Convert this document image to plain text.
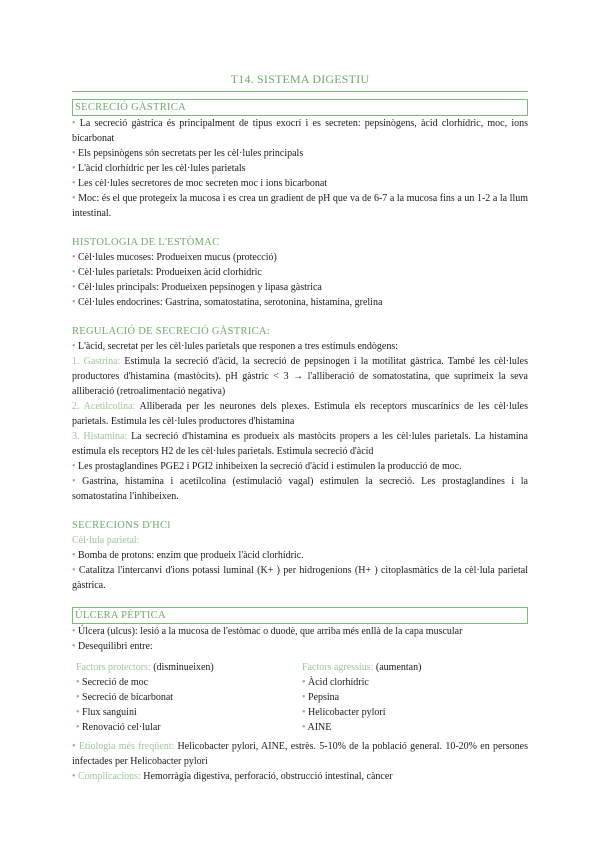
T14. SISTEMA DIGESTIU
SECRECIÓ GÀSTRICA
• La secreció gàstrica és principalment de tipus exocrí i es secreten: pepsinògens, àcid clorhídric, moc, ions bicarbonat
• Els pepsinògens són secretats per les cèl·lules principals
• L'àcid clorhídric per les cèl·lules parietals
• Les cèl·lules secretores de moc secreten moc i ions bicarbonat
• Moc: és el que protegeix la mucosa i es crea un gradient de pH que va de 6-7 a la mucosa fins a un 1-2 a la llum intestinal.
HISTOLOGIA DE L'ESTÒMAC
• Cèl·lules mucoses: Produeixen mucus (protecció)
• Cèl·lules parietals: Produeixen àcid clorhídric
• Cèl·lules principals: Produeixen pepsinogen y lipasa gàstrica
• Cèl·lules endocrines: Gastrina, somatostatina, serotonina, histamina, grelina
REGULACIÓ DE SECRECIÓ GÀSTRICA:
• L'àcid, secretat per les cèl·lules parietals que responen a tres estímuls endògens:
1. Gastrina: Estimula la secreció d'àcid, la secreció de pepsinogen i la motilitat gàstrica. També les cèl·lules productores d'histamina (mastòcits). pH gàstric < 3 → l'alliberació de somatostatina, que suprimeix la seva alliberació (retroalimentació negativa)
2. Acetilcolina: Alliberada per les neurones dels plexes. Estimula els receptors muscarínics de les cèl·lules parietals. Estimula les cèl·lules productores d'histamina
3. Histamina: La secreció d'histamina es produeix als mastòcits propers a les cèl·lules parietals. La histamina estimula els receptors H2 de les cèl·lules parietals. Estimula secreció d'àcid
• Les prostaglandines PGE2 i PGI2 inhibeixen la secreció d'àcid i estimulen la producció de moc.
• Gastrina, histamina i acetilcolina (estimulació vagal) estimulen la secreció. Les prostaglandines i la somatostatina l'inhibeixen.
SECRECIONS D'HCl
Cèl·lula parietal:
• Bomba de protons: enzim que produeix l'àcid clorhídric.
• Catalitza l'intercanvi d'ions potassi luminal (K+ ) per hidrogenions (H+ ) citoplasmàtics de la cèl·lula parietal gàstrica.
ÚLCERA PÈPTICA
• Úlcera (ulcus): lesió a la mucosa de l'estòmac o duodè, que arriba més enllà de la capa muscular
• Desequilibri entre:
Factors protectors: (disminueixen)
• Secreció de moc
• Secreció de bicarbonat
• Flux sanguini
• Renovació cel·lular
Factors agressius: (aumentan)
• Àcid clorhídric
• Pepsina
• Helicobacter pylori
• AINE
• Etiologia més freqüent: Helicobacter pylori, AINE, estrès. 5-10% de la població general. 10-20% en persones infectades per Helicobacter pylori
• Complicacions: Hemorràgia digestiva, perforació, obstrucció intestinal, càncer
